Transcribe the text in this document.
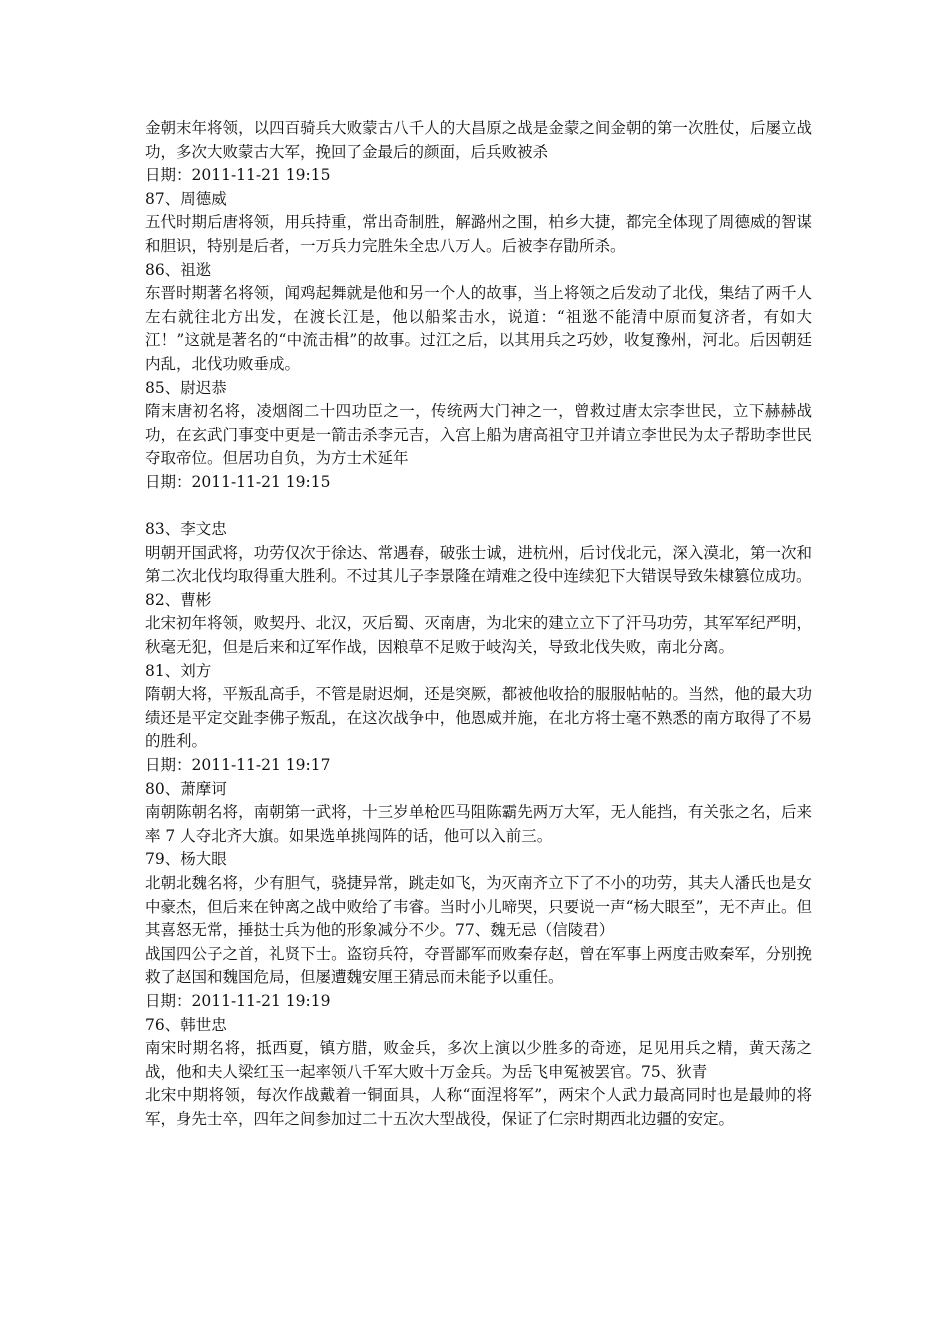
金朝末年将领，以四百骑兵大败蒙古八千人的大昌原之战是金蒙之间金朝的第一次胜仗，后屡立战功，多次大败蒙古大军，挽回了金最后的颜面，后兵败被杀

日期：2011-11-21 19:15

87、周德威

五代时期后唐将领，用兵持重，常出奇制胜，解潞州之围，柏乡大捷，都完全体现了周德威的智谋和胆识，特别是后者，一万兵力完胜朱全忠八万人。后被李存勖所杀。

86、祖逖

东晋时期著名将领，闻鸡起舞就是他和另一个人的故事，当上将领之后发动了北伐，集结了两千人左右就往北方出发，在渡长江是，他以船桨击水，说道：“祖逖不能清中原而复济者，有如大江！”这就是著名的“中流击楫”的故事。过江之后，以其用兵之巧妙，收复豫州，河北。后因朝廷内乱，北伐功败垂成。

85、尉迟恭

隋末唐初名将，凌烟阁二十四功臣之一，传统两大门神之一，曾救过唐太宗李世民，立下赫赫战功，在玄武门事变中更是一箭击杀李元吉，入宫上船为唐高祖守卫并请立李世民为太子帮助李世民夺取帝位。但居功自负，为方士术延年

日期：2011-11-21 19:15

83、李文忠

明朝开国武将，功劳仅次于徐达、常遇春，破张士诚，进杭州，后讨伐北元，深入漠北，第一次和第二次北伐均取得重大胜利。不过其儿子李景隆在靖难之役中连续犯下大错误导致朱棣篡位成功。

82、曹彬

北宋初年将领，败契丹、北汉，灭后蜀、灭南唐，为北宋的建立立下了汗马功劳，其军军纪严明，秋毫无犯，但是后来和辽军作战，因粮草不足败于岐沟关，导致北伐失败，南北分离。

81、刘方

隋朝大将，平叛乱高手，不管是尉迟炯，还是突厥，都被他收拾的服服帖帖的。当然，他的最大功绩还是平定交趾李佛子叛乱，在这次战争中，他恩威并施，在北方将士毫不熟悉的南方取得了不易的胜利。

日期：2011-11-21 19:17

80、萧摩诃

南朝陈朝名将，南朝第一武将，十三岁单枪匹马阻陈霸先两万大军，无人能挡，有关张之名，后来率 7 人夺北齐大旗。如果选单挑闯阵的话，他可以入前三。

79、杨大眼

北朝北魏名将，少有胆气，骁捷异常，跳走如飞，为灭南齐立下了不小的功劳，其夫人潘氏也是女中豪杰，但后来在钟离之战中败给了韦睿。当时小儿啼哭，只要说一声“杨大眼至”，无不声止。但其喜怒无常，捶挞士兵为他的形象减分不少。77、魏无忌（信陵君）

战国四公子之首，礼贤下士。盗窃兵符，夺晋鄙军而败秦存赵，曾在军事上两度击败秦军，分别挽救了赵国和魏国危局，但屡遭魏安厘王猜忌而未能予以重任。

日期：2011-11-21 19:19

76、韩世忠

南宋时期名将，抵西夏，镇方腊，败金兵，多次上演以少胜多的奇迹，足见用兵之精，黄天荡之战，他和夫人梁红玉一起率领八千军大败十万金兵。为岳飞申冤被罢官。75、狄青

北宋中期将领，每次作战戴着一铜面具，人称“面涅将军”，两宋个人武力最高同时也是最帅的将军，身先士卒，四年之间参加过二十五次大型战役，保证了仁宗时期西北边疆的安定。
